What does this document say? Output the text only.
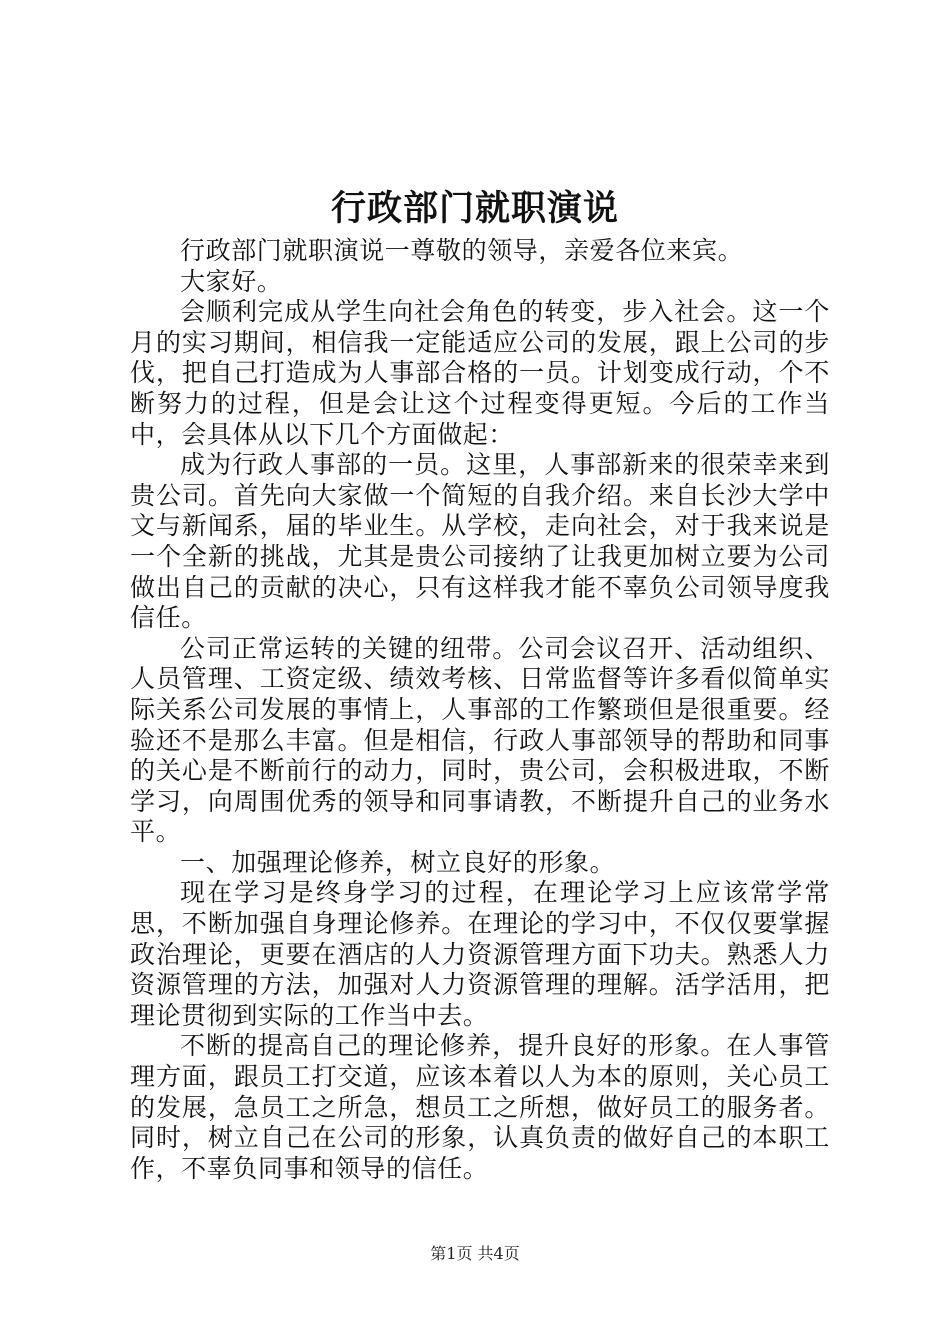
行政部门就职演说

行政部门就职演说一尊敬的领导，亲爱各位来宾。

大家好。

会顺利完成从学生向社会角色的转变，步入社会。这一个月的实习期间，相信我一定能适应公司的发展，跟上公司的步伐，把自己打造成为人事部合格的一员。计划变成行动，个不断努力的过程，但是会让这个过程变得更短。今后的工作当中，会具体从以下几个方面做起：

成为行政人事部的一员。这里，人事部新来的很荣幸来到贵公司。首先向大家做一个简短的自我介绍。来自长沙大学中文与新闻系，届的毕业生。从学校，走向社会，对于我来说是一个全新的挑战，尤其是贵公司接纳了让我更加树立要为公司做出自己的贡献的决心，只有这样我才能不辜负公司领导度我信任。

公司正常运转的关键的纽带。公司会议召开、活动组织、人员管理、工资定级、绩效考核、日常监督等许多看似简单实际关系公司发展的事情上，人事部的工作繁琐但是很重要。经验还不是那么丰富。但是相信，行政人事部领导的帮助和同事的关心是不断前行的动力，同时，贵公司，会积极进取，不断学习，向周围优秀的领导和同事请教，不断提升自己的业务水平。

一、加强理论修养，树立良好的形象。

现在学习是终身学习的过程，在理论学习上应该常学常思，不断加强自身理论修养。在理论的学习中，不仅仅要掌握政治理论，更要在酒店的人力资源管理方面下功夫。熟悉人力资源管理的方法，加强对人力资源管理的理解。活学活用，把理论贯彻到实际的工作当中去。

不断的提高自己的理论修养，提升良好的形象。在人事管理方面，跟员工打交道，应该本着以人为本的原则，关心员工的发展，急员工之所急，想员工之所想，做好员工的服务者。同时，树立自己在公司的形象，认真负责的做好自己的本职工作，不辜负同事和领导的信任。

第1页 共4页
